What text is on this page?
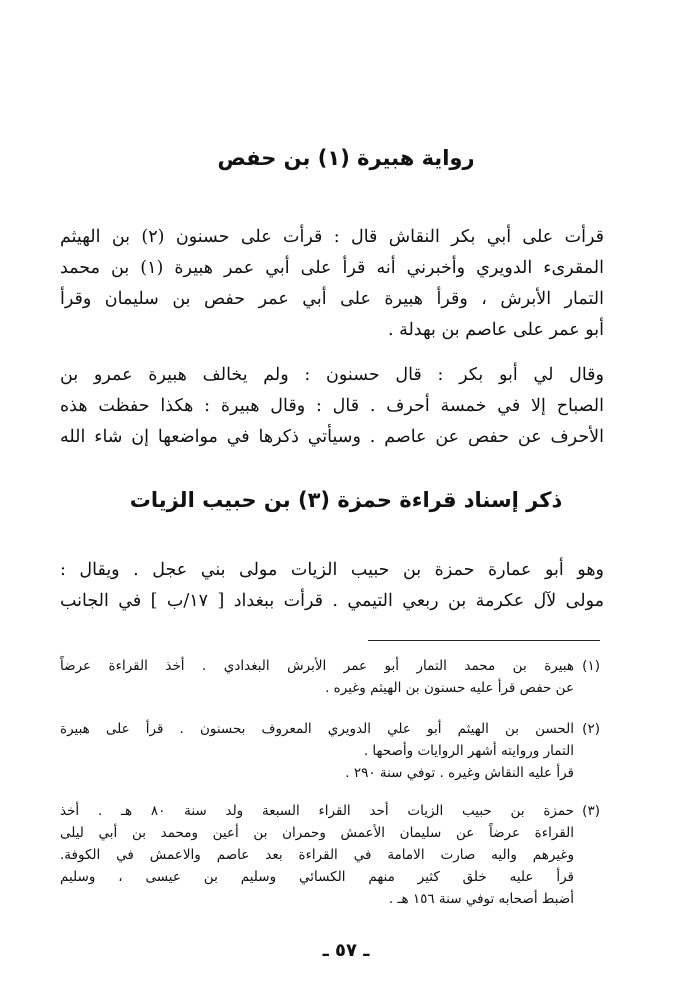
رواية هبيرة (١) بن حفص
قرأت على أبي بكر النقاش قال : قرأت على حسنون (٢) بن الهيثم
المقرىء الدويري وأخبرني أنه قرأ على أبي عمر هبيرة (١) بن محمد
التمار الأبرش ، وقرأ هبيرة على أبي عمر حفص بن سليمان وقرأ
أبو عمر على عاصم بن بهدلة .
وقال لي أبو بكر : قال حسنون : ولم يخالف هبيرة عمرو بن
الصباح إلا في خمسة أحرف . قال : وقال هبيرة : هكذا حفظت هذه
الأحرف عن حفص عن عاصم . وسيأتي ذكرها في مواضعها إن شاء الله
ذكر إسناد قراءة حمزة (٣) بن حبيب الزيات
وهو أبو عمارة حمزة بن حبيب الزيات مولى بني عجل . ويقال :
مولى لآل عكرمة بن ربعي التيمي . قرأت ببغداد [ ١٧/ب ] في الجانب
(١)
هبيرة بن محمد التمار أبو عمر الأبرش البغدادي . أخذ القراءة عرضاً
عن حفص قرأ عليه حسنون بن الهيثم وغيره .
(٢)
الحسن بن الهيثم أبو علي الدويري المعروف بحسنون . قرأ على هبيرة
التمار وروايته أشهر الروايات وأصحها .
قرأ عليه النقاش وغيره . توفي سنة ٢٩٠ .
(٣)
حمزة بن حبيب الزيات أحد القراء السبعة ولد سنة ٨٠ هـ . أخذ
القراءة عرضاً عن سليمان الأعمش وحمران بن أعين ومحمد بن أبي ليلى
وغيرهم واليه صارت الامامة في القراءة بعد عاصم والاعمش في الكوفة.
قرأ عليه خلق كثير منهم الكسائي وسليم بن عيسى ، وسليم
أضبط أصحابه توفي سنة ١٥٦ هـ .
ـ ٥٧ ـ
